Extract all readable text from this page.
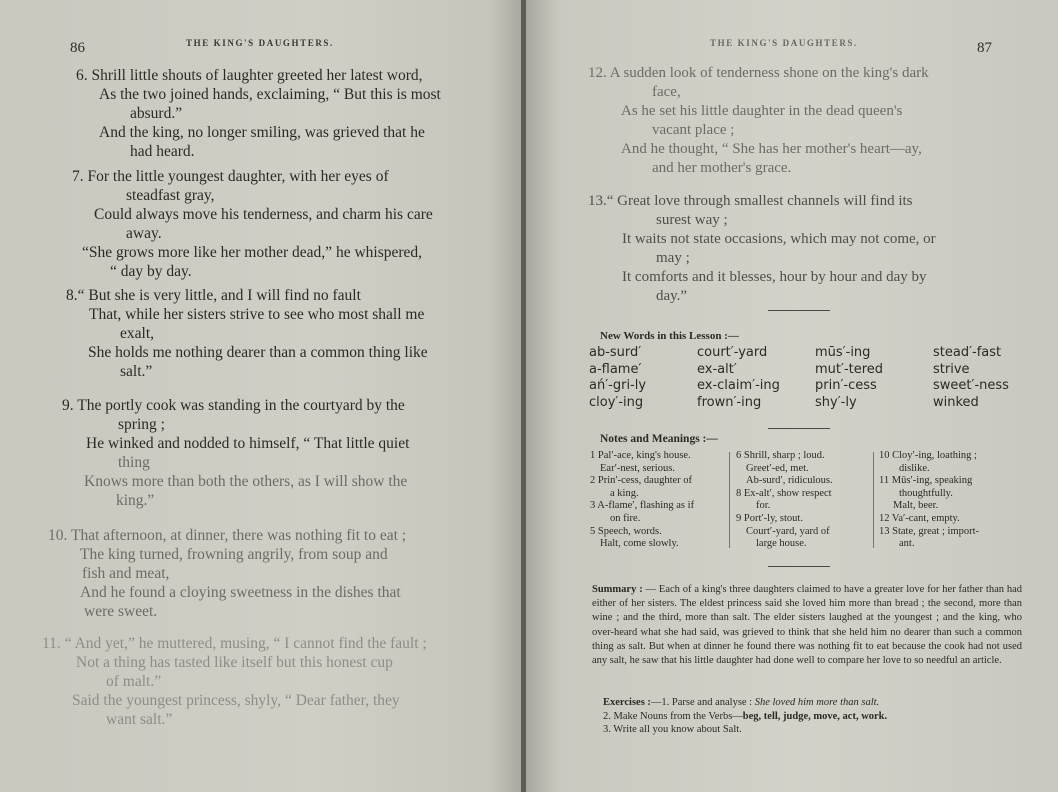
86	THE KING'S DAUGHTERS.
6. Shrill little shouts of laughter greeted her latest word,
As the two joined hands, exclaiming, “ But this is most
absurd.”
And the king, no longer smiling, was grieved that he
had heard.
7. For the little youngest daughter, with her eyes of
steadfast gray,
Could always move his tenderness, and charm his care
away.
“She grows more like her mother dead,” he whispered,
“ day by day.
8.“ But she is very little, and I will find no fault
That, while her sisters strive to see who most shall me
exalt,
She holds me nothing dearer than a common thing like
salt.”
9. The portly cook was standing in the courtyard by the
spring ;
He winked and nodded to himself, “ That little quiet
thing
Knows more than both the others, as I will show the
king.”
10. That afternoon, at dinner, there was nothing fit to eat ;
The king turned, frowning angrily, from soup and
fish and meat,
And he found a cloying sweetness in the dishes that
were sweet.
11. “ And yet,” he muttered, musing, “ I cannot find the fault ;
Not a thing has tasted like itself but this honest cup
of malt.”
Said the youngest princess, shyly, “ Dear father, they
want salt.”
THE KING'S DAUGHTERS.	87
12. A sudden look of tenderness shone on the king's dark
face,
As he set his little daughter in the dead queen's
vacant place ;
And he thought, “ She has her mother's heart—ay,
and her mother's grace.
13.“ Great love through smallest channels will find its
surest way ;
It waits not state occasions, which may not come, or
may ;
It comforts and it blesses, hour by hour and day by
day.”
New Words in this Lesson :—
ab-surd′	court′-yard	mūs′-ing	stead′-fast
a-flame′	ex-alt′	mut′-tered	strive
ań′-gri-ly	ex-claim′-ing	prin′-cess	sweet′-ness
cloy′-ing	frown′-ing	shy′-ly	winked
Notes and Meanings :—
1 Pal′-ace, king's house.
Ear′-nest, serious.
2 Prin′-cess, daughter of
a king.
3 A-flame′, flashing as if
on fire.
5 Speech, words.
Halt, come slowly.
6 Shrill, sharp ; loud.
Greet′-ed, met.
Ab-surd′, ridiculous.
8 Ex-alt′, show respect
for.
9 Port′-ly, stout.
Court′-yard, yard of
large house.
10 Cloy′-ing, loathing ;
dislike.
11 Mūs′-ing, speaking
thoughtfully.
Malt, beer.
12 Va′-cant, empty.
13 State, great ; import-
ant.
Summary : — Each of a king's three daughters claimed to have a greater love for her father than had either of her sisters. The eldest princess said she loved him more than bread ; the second, more than wine ; and the third, more than salt. The elder sisters laughed at the youngest ; and the king, who over-heard what she had said, was grieved to think that she held him no dearer than such a common thing as salt. But when at dinner he found there was nothing fit to eat because the cook had not used any salt, he saw that his little daughter had done well to compare her love to so needful an article.
Exercises :—1. Parse and analyse : She loved him more than salt.
2. Make Nouns from the Verbs—beg, tell, judge, move, act, work.
3. Write all you know about Salt.
